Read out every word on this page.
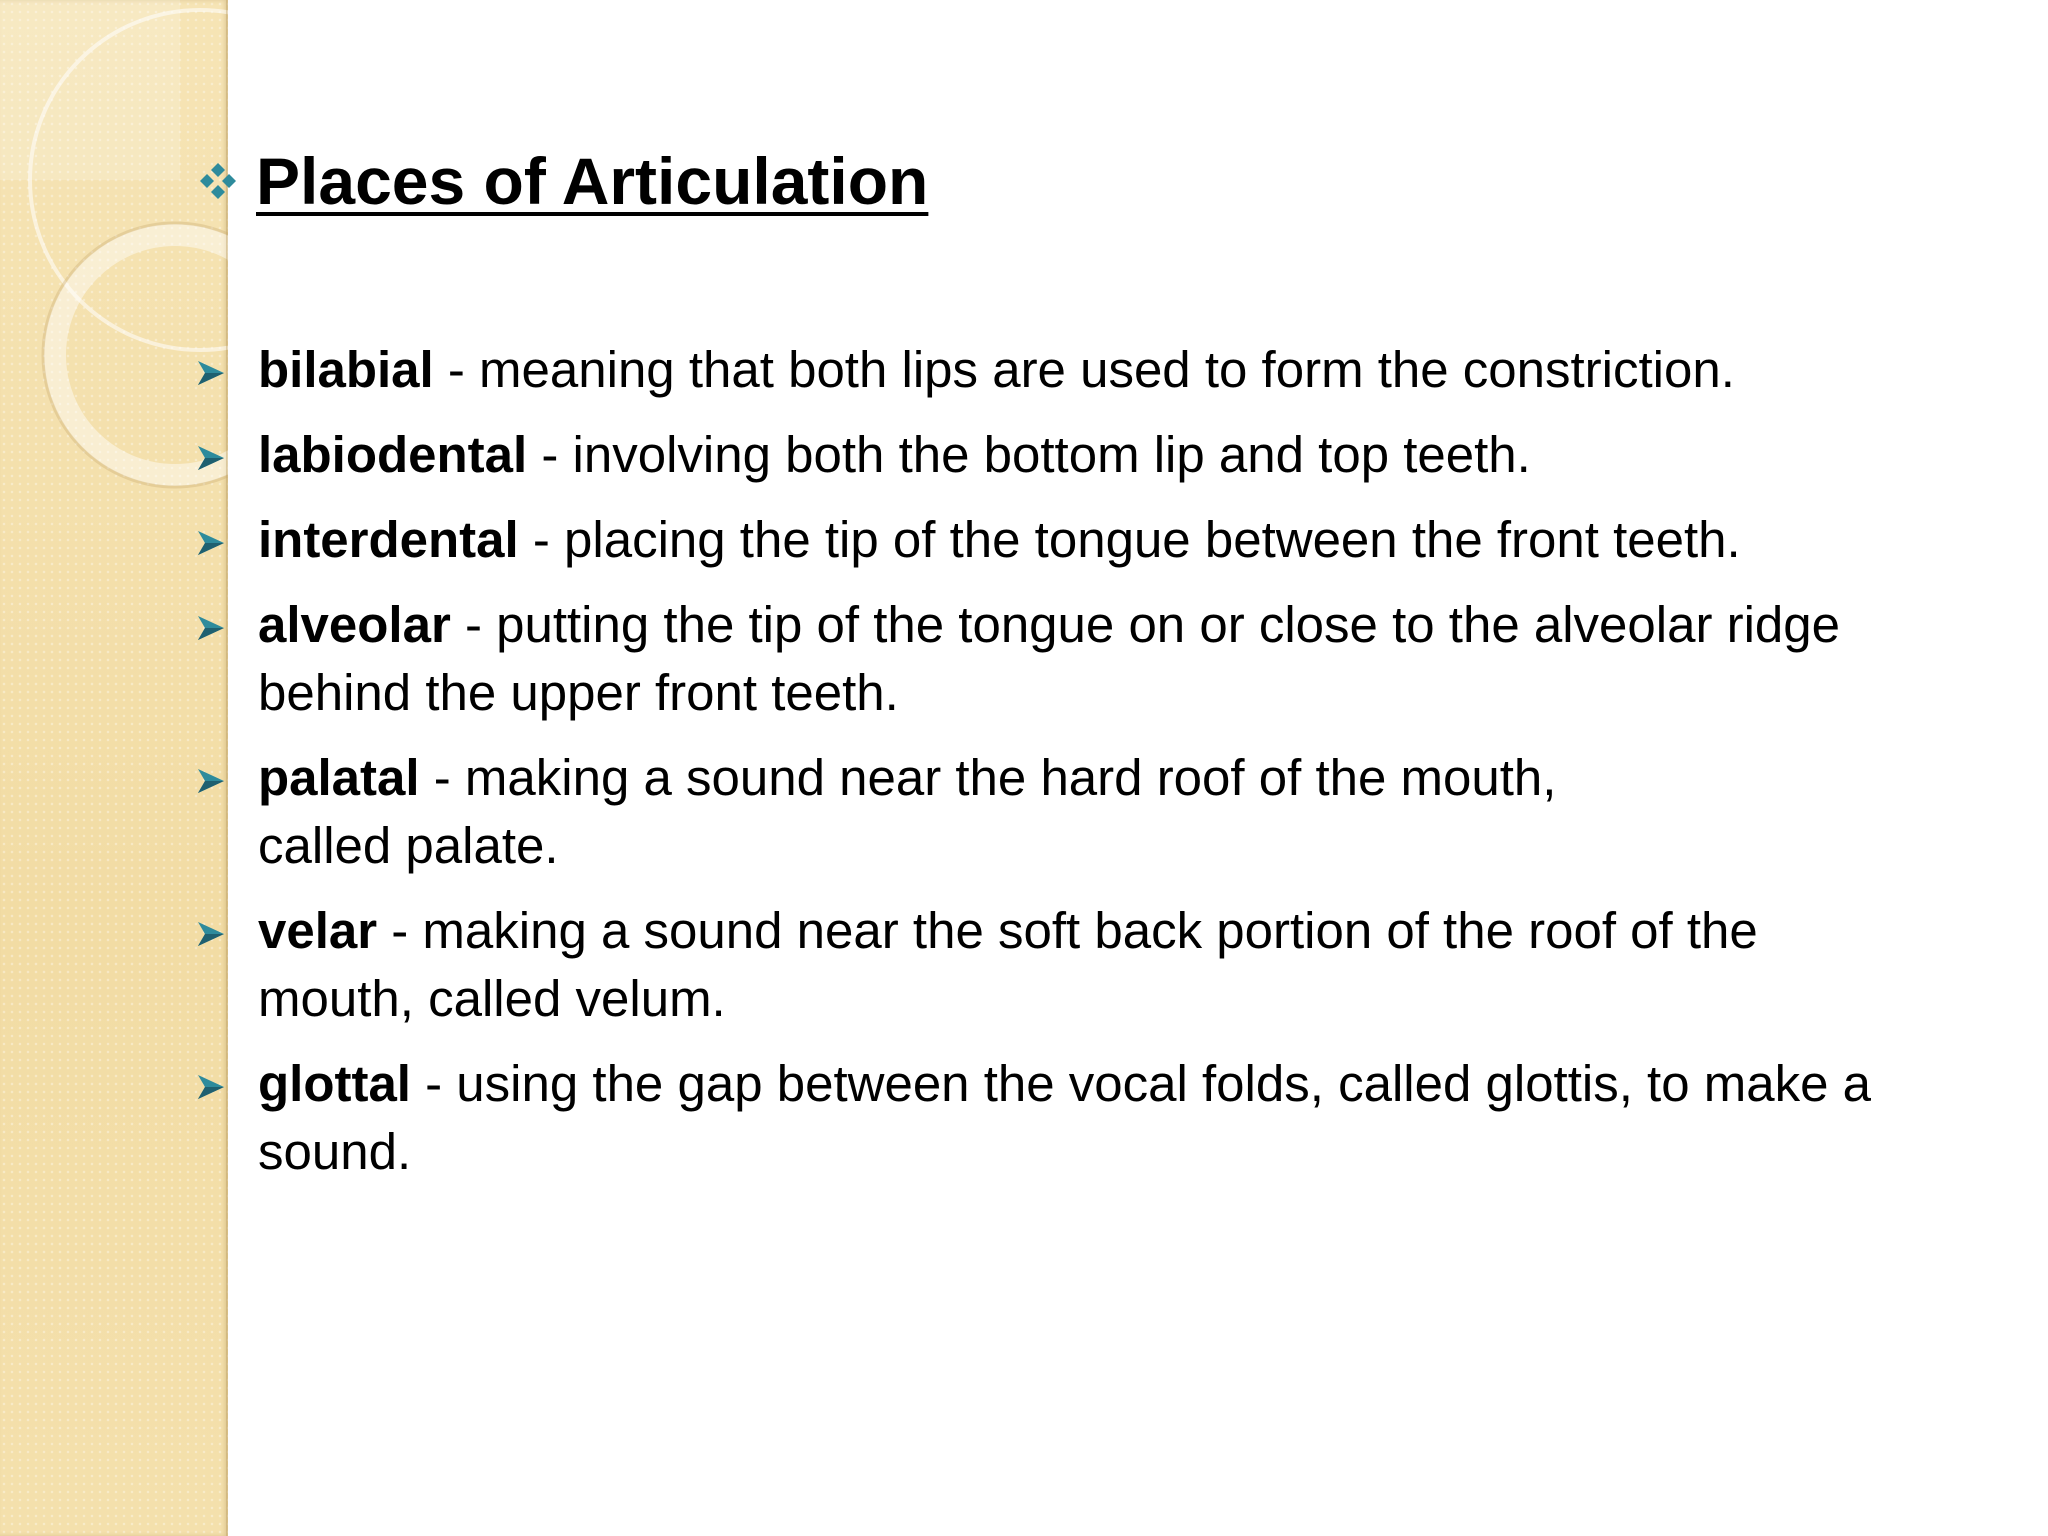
Places of Articulation
bilabial - meaning that both lips are used to form the constriction.
labiodental - involving both the bottom lip and top teeth.
interdental - placing the tip of the tongue between the front teeth.
alveolar - putting the tip of the tongue on or close to the alveolar ridge behind the upper front teeth.
palatal - making a sound near the hard roof of the mouth, called palate.
velar - making a sound near the soft back portion of the roof of the mouth, called velum.
glottal - using the gap between the vocal folds, called glottis, to make a sound.
